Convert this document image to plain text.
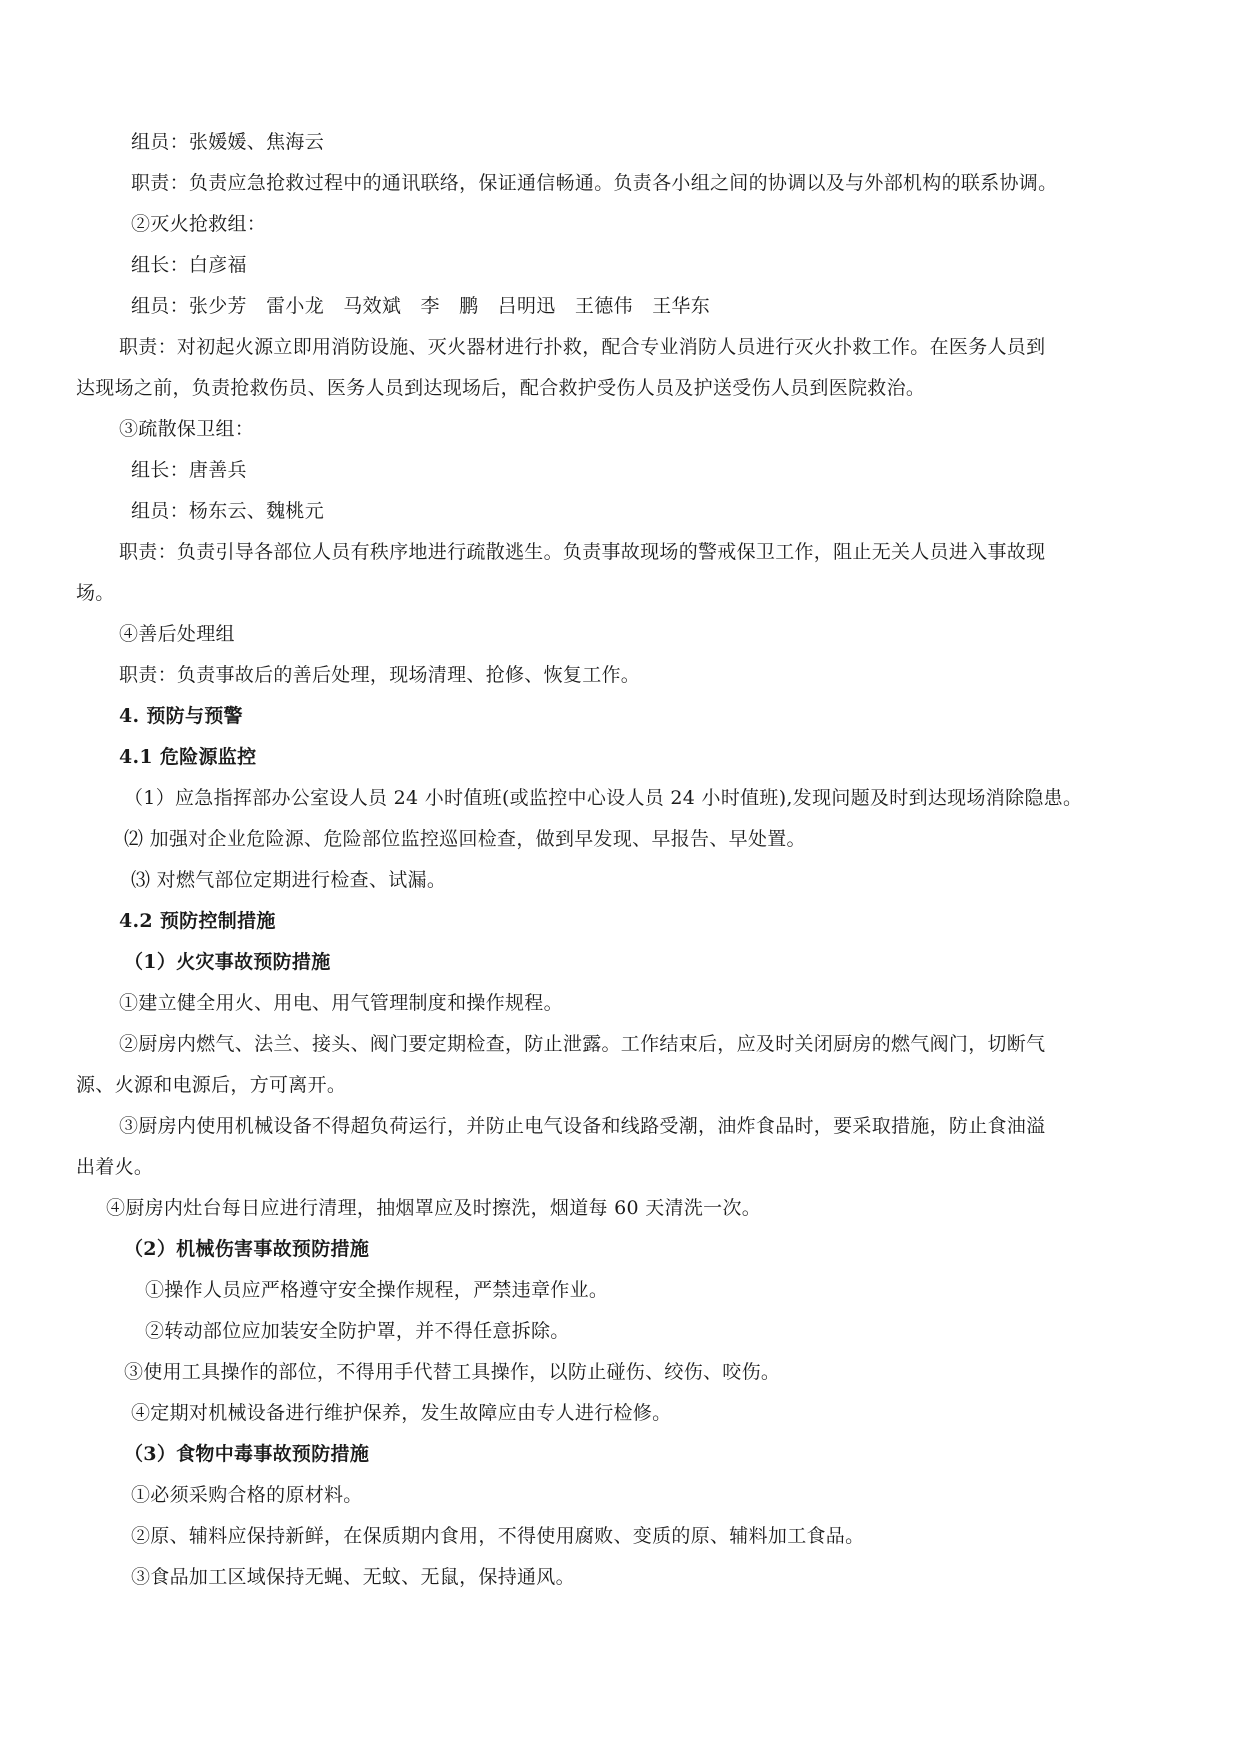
组员：张媛媛、焦海云
职责：负责应急抢救过程中的通讯联络，保证通信畅通。负责各小组之间的协调以及与外部机构的联系协调。
②灭火抢救组：
组长：白彦福
组员：张少芳　雷小龙　马效斌　李　鹏　吕明迅　王德伟　王华东
职责：对初起火源立即用消防设施、灭火器材进行扑救，配合专业消防人员进行灭火扑救工作。在医务人员到
达现场之前，负责抢救伤员、医务人员到达现场后，配合救护受伤人员及护送受伤人员到医院救治。
③疏散保卫组：
组长：唐善兵
组员：杨东云、魏桃元
职责：负责引导各部位人员有秩序地进行疏散逃生。负责事故现场的警戒保卫工作，阻止无关人员进入事故现
场。
④善后处理组
职责：负责事故后的善后处理，现场清理、抢修、恢复工作。
4. 预防与预警
4.1 危险源监控
（1）应急指挥部办公室设人员 24 小时值班(或监控中心设人员 24 小时值班),发现问题及时到达现场消除隐患。
⑵ 加强对企业危险源、危险部位监控巡回检查，做到早发现、早报告、早处置。
⑶ 对燃气部位定期进行检查、试漏。
4.2 预防控制措施
（1）火灾事故预防措施
①建立健全用火、用电、用气管理制度和操作规程。
②厨房内燃气、法兰、接头、阀门要定期检查，防止泄露。工作结束后，应及时关闭厨房的燃气阀门，切断气
源、火源和电源后，方可离开。
③厨房内使用机械设备不得超负荷运行，并防止电气设备和线路受潮，油炸食品时，要采取措施，防止食油溢
出着火。
④厨房内灶台每日应进行清理，抽烟罩应及时擦洗，烟道每 60 天清洗一次。
（2）机械伤害事故预防措施
①操作人员应严格遵守安全操作规程，严禁违章作业。
②转动部位应加装安全防护罩，并不得任意拆除。
③使用工具操作的部位，不得用手代替工具操作，以防止碰伤、绞伤、咬伤。
④定期对机械设备进行维护保养，发生故障应由专人进行检修。
（3）食物中毒事故预防措施
①必须采购合格的原材料。
②原、辅料应保持新鲜，在保质期内食用，不得使用腐败、变质的原、辅料加工食品。
③食品加工区域保持无蝇、无蚊、无鼠，保持通风。
